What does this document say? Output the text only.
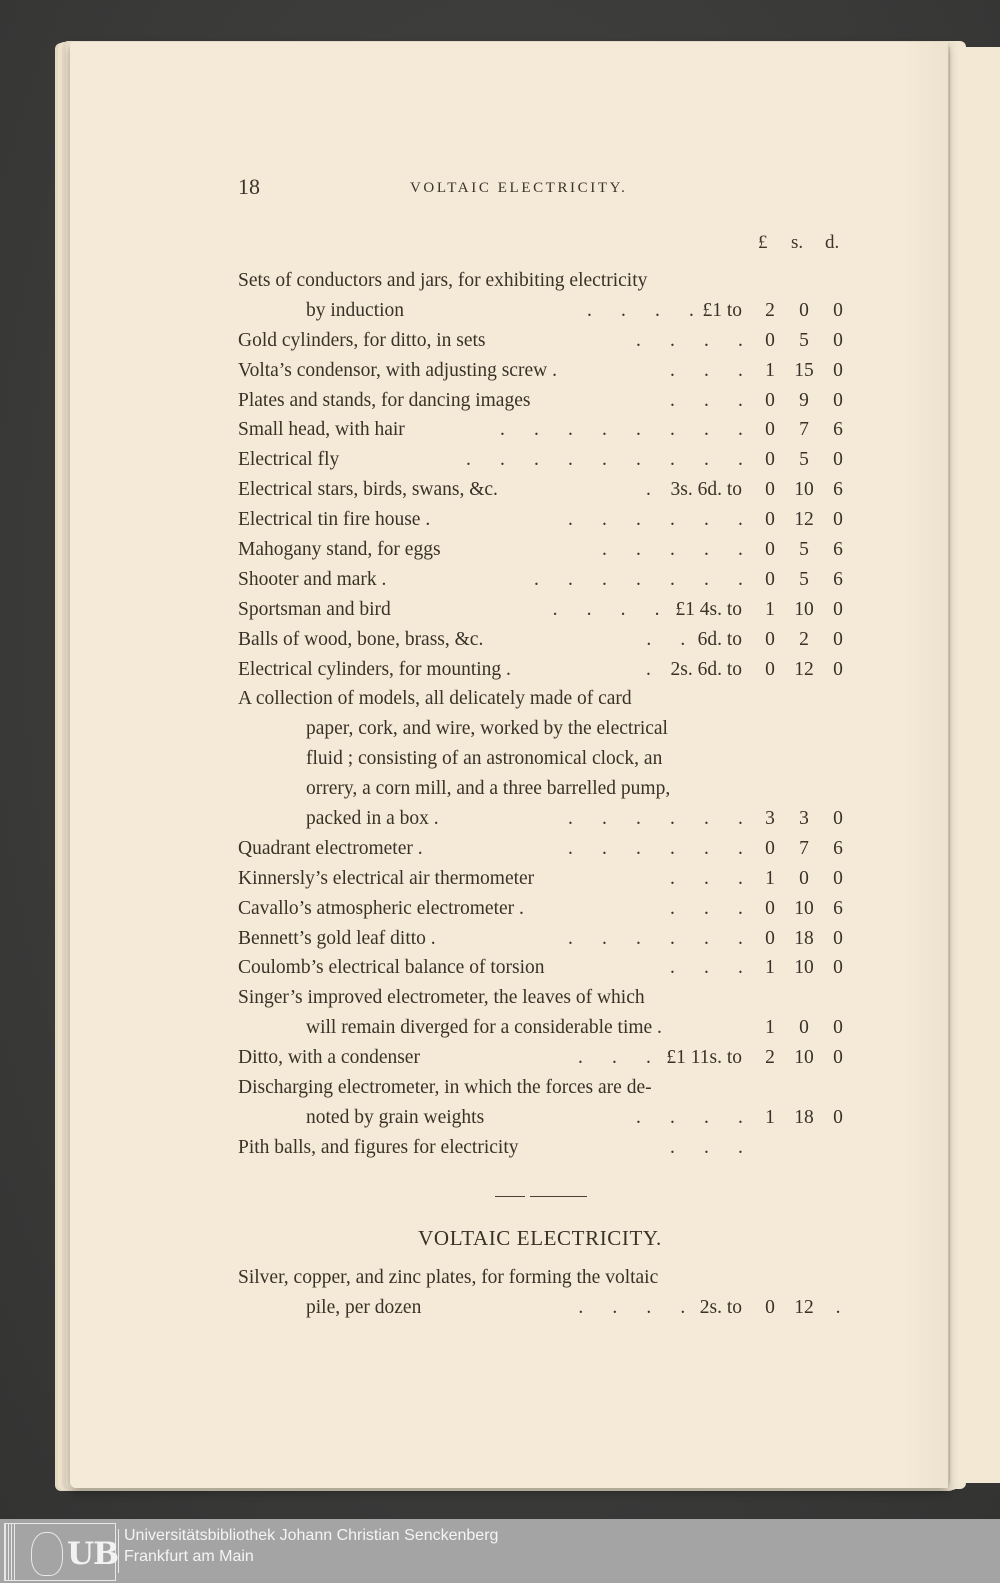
18	VOLTAIC ELECTRICITY.
£ s. d.
Sets of conductors and jars, for exhibiting electricity
by induction	. . . . £1 to	2	0	0
Gold cylinders, for ditto, in sets	. . . .	0	5	0
Volta’s condensor, with adjusting screw .	. . .	1 15 0
Plates and stands, for dancing images	. . .	0	9	0
Small head, with hair	. . . . . . . .	0	7	6
Electrical fly	. . . . . . . . .	0	5	0
Electrical stars, birds, swans, &c.	. 3s. 6d. to	0 10 6
Electrical tin fire house .	. . . . . .	0 12 0
Mahogany stand, for eggs	. . . . .	0	5	6
Shooter and mark .	. . . . . . .	0	5	6
Sportsman and bird	. . . . £1 4s. to	1 10 0
Balls of wood, bone, brass, &c.	. . 6d. to	0	2	0
Electrical cylinders, for mounting .	. 2s. 6d. to	0 12 0
A collection of models, all delicately made of card
paper, cork, and wire, worked by the electrical
fluid ; consisting of an astronomical clock, an
orrery, a corn mill, and a three barrelled pump,
packed in a box .	. . . . . .	3	3	0
Quadrant electrometer .	. . . . . .	0	7	6
Kinnersly’s electrical air thermometer	. . .	1	0	0
Cavallo’s atmospheric electrometer .	. . .	0 10 6
Bennett’s gold leaf ditto .	. . . . . .	0 18 0
Coulomb’s electrical balance of torsion	. . .	1 10 0
Singer’s improved electrometer, the leaves of which
will remain diverged for a considerable time .	1	0	0
Ditto, with a condenser	. . . £1 11s. to	2 10 0
Discharging electrometer, in which the forces are de-
noted by grain weights	. . . .	1 18 0
Pith balls, and figures for electricity	. . .
VOLTAIC ELECTRICITY.
Silver, copper, and zinc plates, for forming the voltaic
pile, per dozen	. . . . 2s. to	0 12	.
UB
Universitätsbibliothek Johann Christian Senckenberg
Frankfurt am Main
